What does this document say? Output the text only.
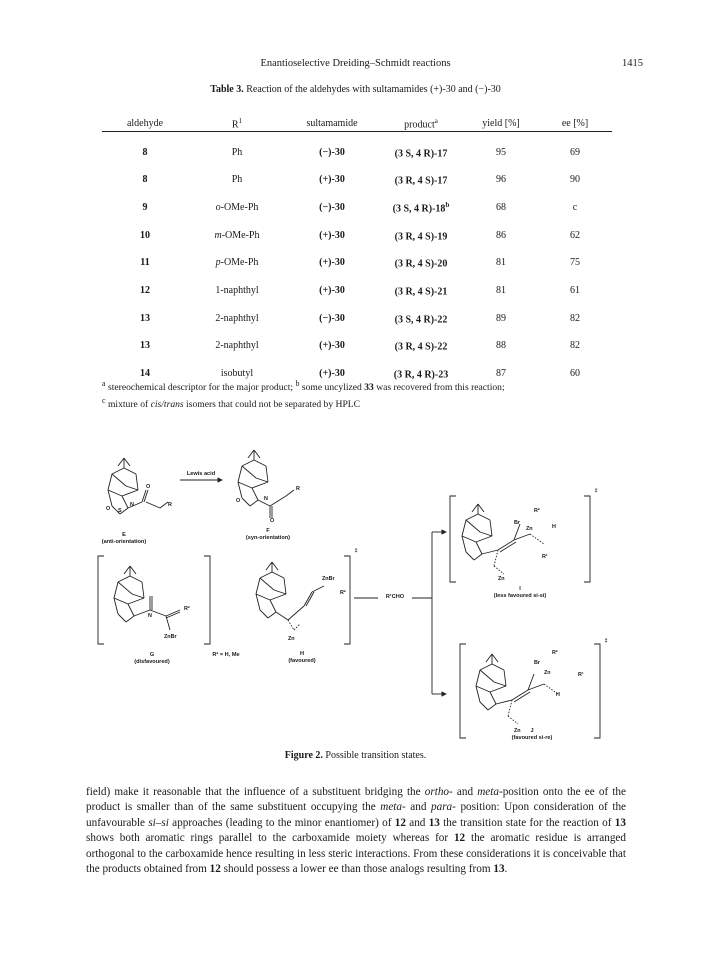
Enantioselective Dreiding–Schmidt reactions	1415
Table 3. Reaction of the aldehydes with sultamamides (+)-30 and (−)-30
aldehyde	$R^1$	sultamamide	product$^a$	yield [%]	ee [%]
8	Ph	(−)-30	(3 S, 4 R)-17	95	69
8	Ph	(+)-30	(3 R, 4 S)-17	96	90
9	o-OMe-Ph	(−)-30	(3 S, 4 R)-18$^b$	68	c
10	m-OMe-Ph	(+)-30	(3 R, 4 S)-19	86	62
11	p-OMe-Ph	(+)-30	(3 R, 4 S)-20	81	75
12	1-naphthyl	(+)-30	(3 R, 4 S)-21	81	61
13	2-naphthyl	(−)-30	(3 S, 4 R)-22	89	82
13	2-naphthyl	(+)-30	(3 R, 4 S)-22	88	82
14	isobutyl	(+)-30	(3 R, 4 R)-23	87	60
$^a$ stereochemical descriptor for the major product; $^b$ some uncylized 33 was recovered from this reaction;
$^c$ mixture of cis/trans isomers that could not be separated by HPLC
O S
N	R
O
O	N
O
R
N
R²
ZnBr
ZnBr
R²
Zn
Br
Zn	H
R²
R¹
Zn
Br
Zn
R²
R¹
H
Zn
E
(anti-orientation)
Lewis acid
F
(syn-orientation)
‡
G
(disfavoured)
R² = H, Me	H
(favoured)
R¹CHO
‡
I
(less favoured si-si)
‡
J
(favoured si-re)
Figure 2. Possible transition states.
field) make it reasonable that the influence of a substituent bridging the ortho- and meta-position onto the ee of the product is smaller than of the same substituent occupying the meta- and para- position: Upon consideration of the unfavourable si–si approaches (leading to the minor enantiomer) of 12 and 13 the transition state for the reaction of 13 shows both aromatic rings parallel to the carboxamide moiety whereas for 12 the aromatic residue is arranged orthogonal to the carboxamide hence resulting in less steric interactions. From these considerations it is conceivable that the products obtained from 12 should possess a lower ee than those analogs resulting from 13.
